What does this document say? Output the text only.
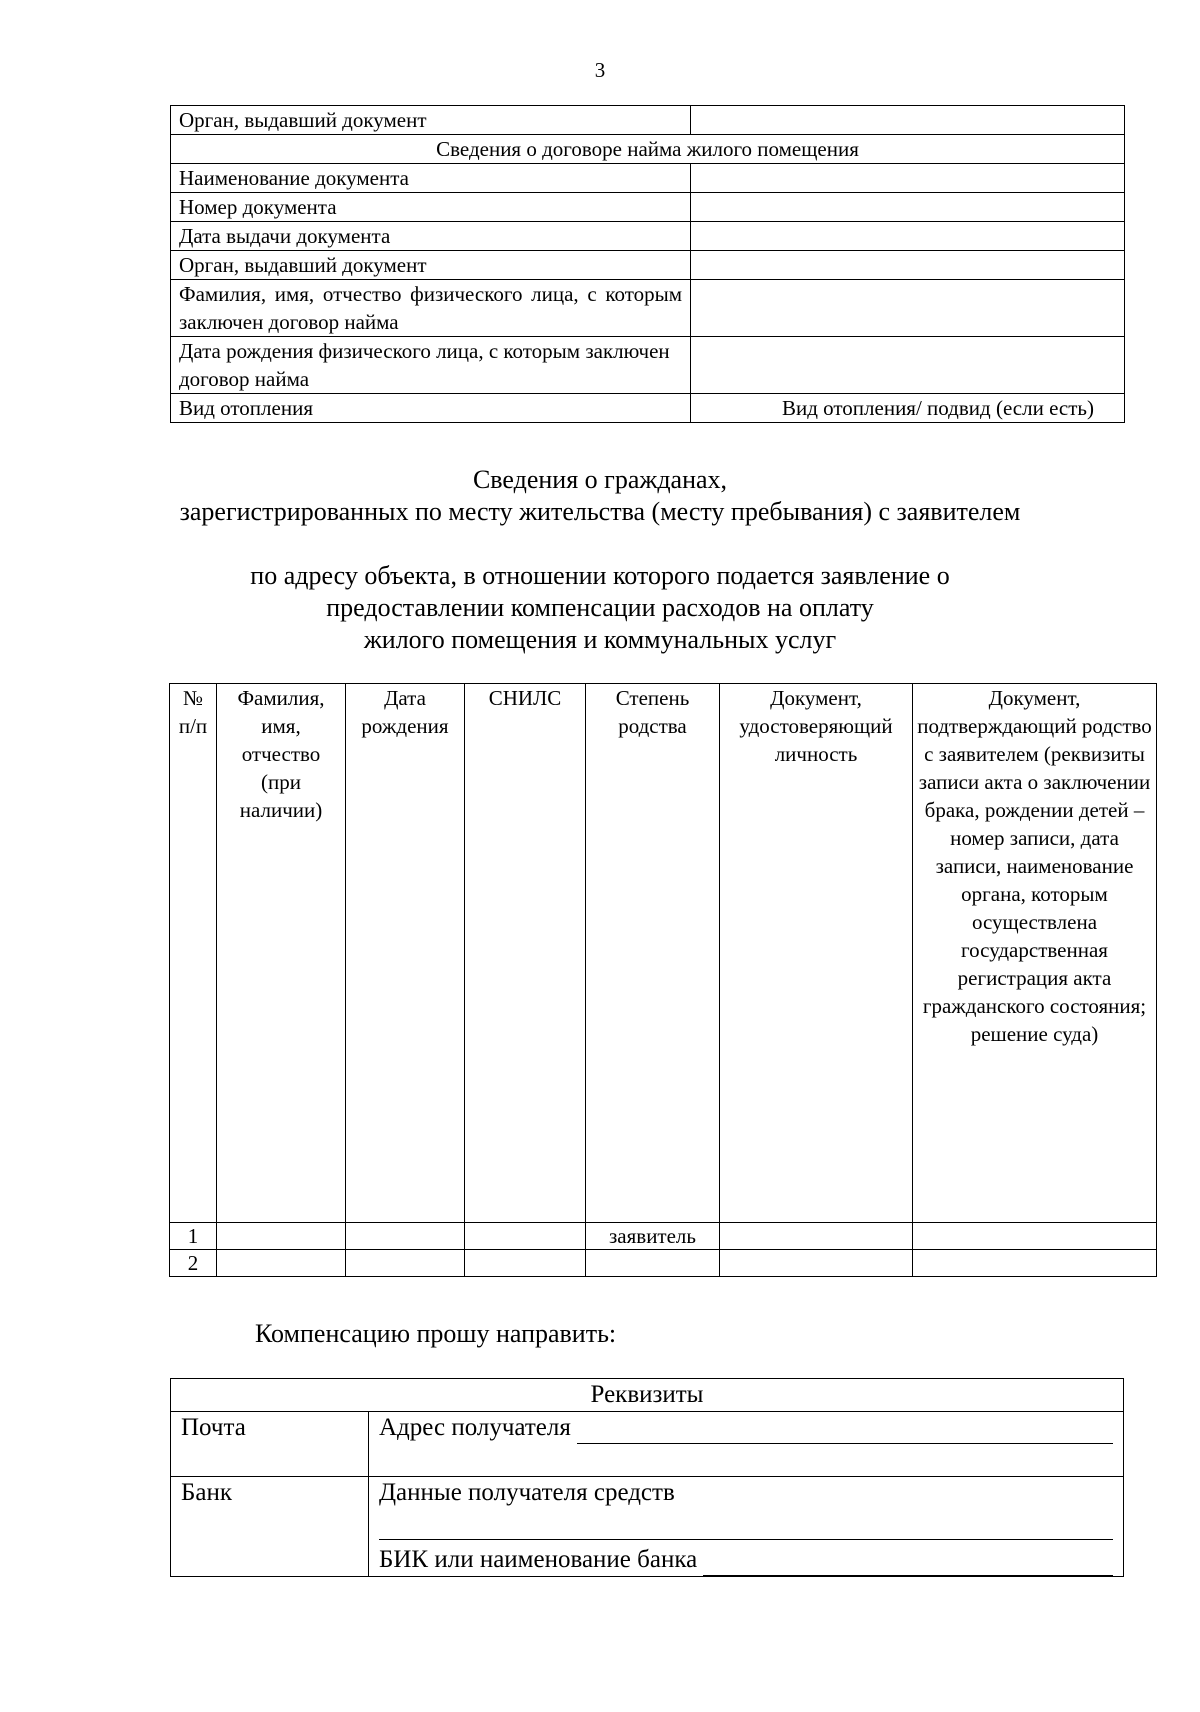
3
Орган, выдавший документ	
Сведения о договоре найма жилого помещения	
Наименование документа	
Номер документа	
Дата выдачи документа	
Орган, выдавший документ	
Фамилия, имя, отчество физического лица, с которым заключен договор найма	
Дата рождения физического лица, с которым заключен договор найма	
Вид отопления	Вид отопления/ подвид (если есть)
Сведения о гражданах,
зарегистрированных по месту жительства (месту пребывания) с заявителем
по адресу объекта, в отношении которого подается заявление о
предоставлении компенсации расходов на оплату
жилого помещения и коммунальных услуг
№ п/п	Фамилия, имя, отчество (при наличии)	Дата рождения	СНИЛС	Степень родства	Документ, удостоверяющий личность	Документ, подтверждающий родство с заявителем (реквизиты записи акта о заключении брака, рождении детей – номер записи, дата записи, наименование органа, которым осуществлена государственная регистрация акта гражданского состояния; решение суда)
1				заявитель		
2						
Компенсацию прошу направить:
Реквизиты	
Почта	Адрес получателя

Банк	Данные получателя средств
БИК или наименование банка
